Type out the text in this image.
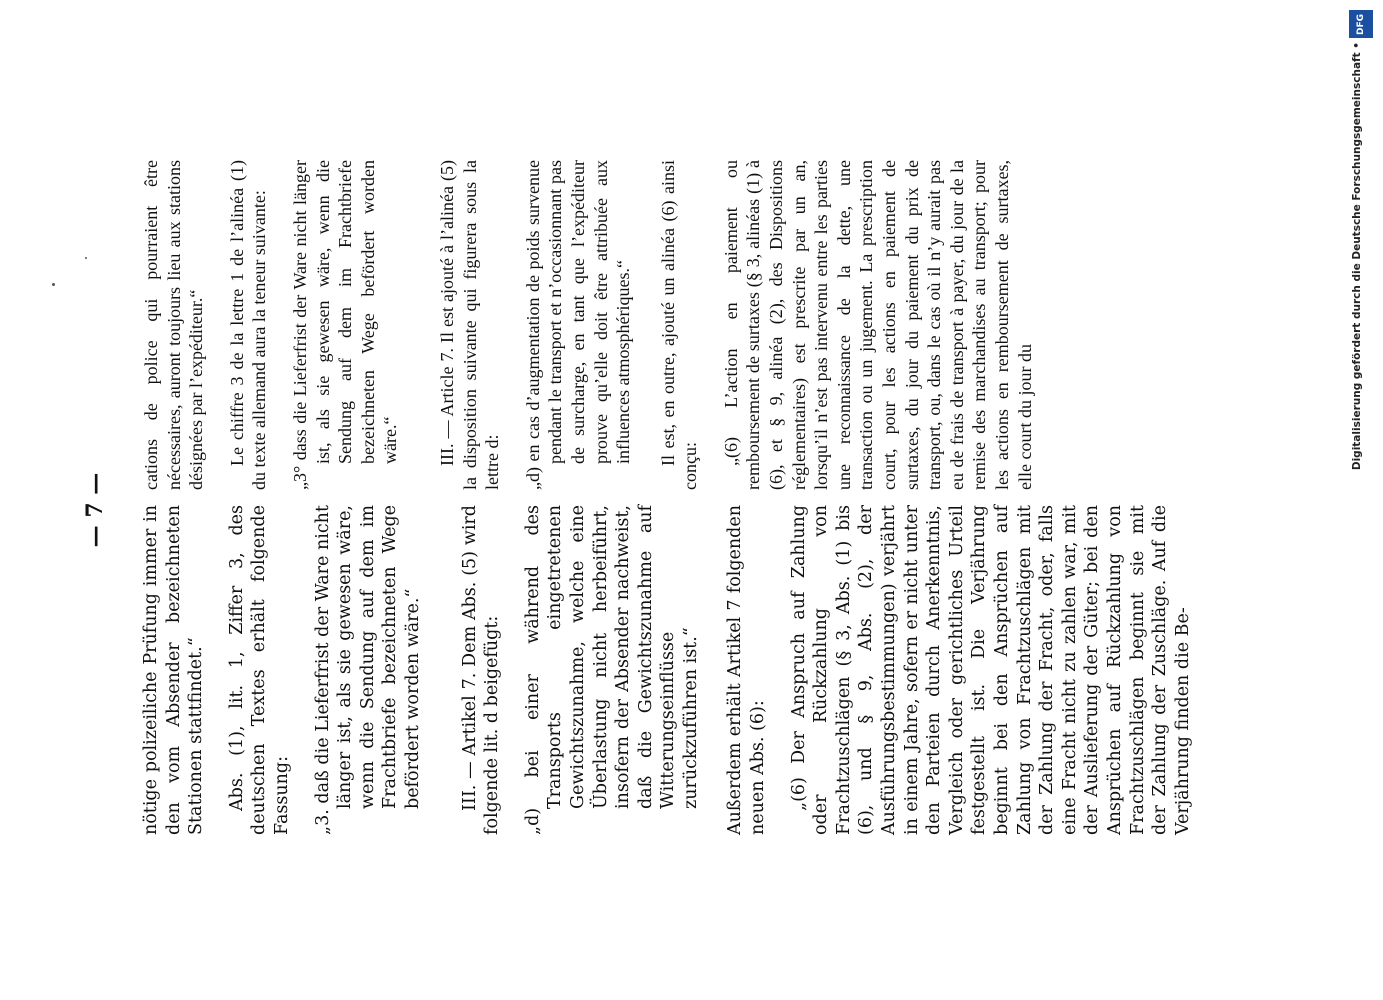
— 7 — nötige polizeiliche Prüfung immer in den vom Absender bezeichneten Stationen stattfindet.“ Abs. (1), lit. 1, Ziffer 3, des deutschen Textes erhält folgende Fassung: „3. daß die Lieferfrist der Ware nicht länger ist, als sie gewesen wäre, wenn die Sendung auf dem im Frachtbriefe bezeichneten Wege befördert worden wäre.“ III. — Artikel 7. Dem Abs. (5) wird folgende lit. d beigefügt: „d) bei einer während des Transports eingetretenen Gewichtszunahme, welche eine Überlastung nicht herbeiführt, insofern der Absender nachweist, daß die Gewichtszunahme auf Witterungseinflüsse zurückzuführen ist.“ Außerdem erhält Artikel 7 folgenden neuen Abs. (6): „(6) Der Anspruch auf Zahlung oder Rückzahlung von Frachtzuschlägen (§ 3, Abs. (1) bis (6), und § 9, Abs. (2), der Ausführungsbestimmungen) verjährt in einem Jahre, sofern er nicht unter den Parteien durch Anerkenntnis, Vergleich oder gerichtliches Urteil festgestellt ist. Die Verjährung beginnt bei den Ansprüchen auf Zahlung von Frachtzuschlägen mit der Zahlung der Fracht, oder, falls eine Fracht nicht zu zahlen war, mit der Auslieferung der Güter; bei den Ansprüchen auf Rückzahlung von Frachtzuschlägen beginnt sie mit der Zahlung der Zuschläge. Auf die Verjährung finden die Be-

cations de police qui pourraient être nécessaires, auront toujours lieu aux stations désignées par l’expéditeur.“ Le chiffre 3 de la lettre 1 de l’alinéa (1) du texte allemand aura la teneur suivante: „3° dass die Lieferfrist der Ware nicht länger ist, als sie gewesen wäre, wenn die Sendung auf dem im Frachtbriefe bezeichneten Wege befördert worden wäre.“ III. — Article 7. Il est ajouté à l’alinéa (5) la disposition suivante qui figurera sous la lettre d: „d) en cas d’augmentation de poids survenue pendant le transport et n’occasionnant pas de surcharge, en tant que l’expéditeur prouve qu’elle doit être attribuée aux influences atmosphériques.“ Il est, en outre, ajouté un alinéa (6) ainsi conçu:

„(6) L’action en paiement ou remboursement de surtaxes (§ 3, alinéas (1) à (6), et § 9, alinéa (2), des Dispositions réglementaires) est prescrite par un an, lorsqu’il n’est pas intervenu entre les parties une reconnaissance de la dette, une transaction ou un jugement. La prescription court, pour les actions en paiement de surtaxes, du jour du paiement du prix de transport, ou, dans le cas où il n’y aurait pas eu de frais de transport à payer, du jour de la remise des marchandises au transport; pour les actions en remboursement de surtaxes, elle court du jour du

DFG
Digitalisierung gefördert durch die Deutsche Forschungsgemeinschaft •
